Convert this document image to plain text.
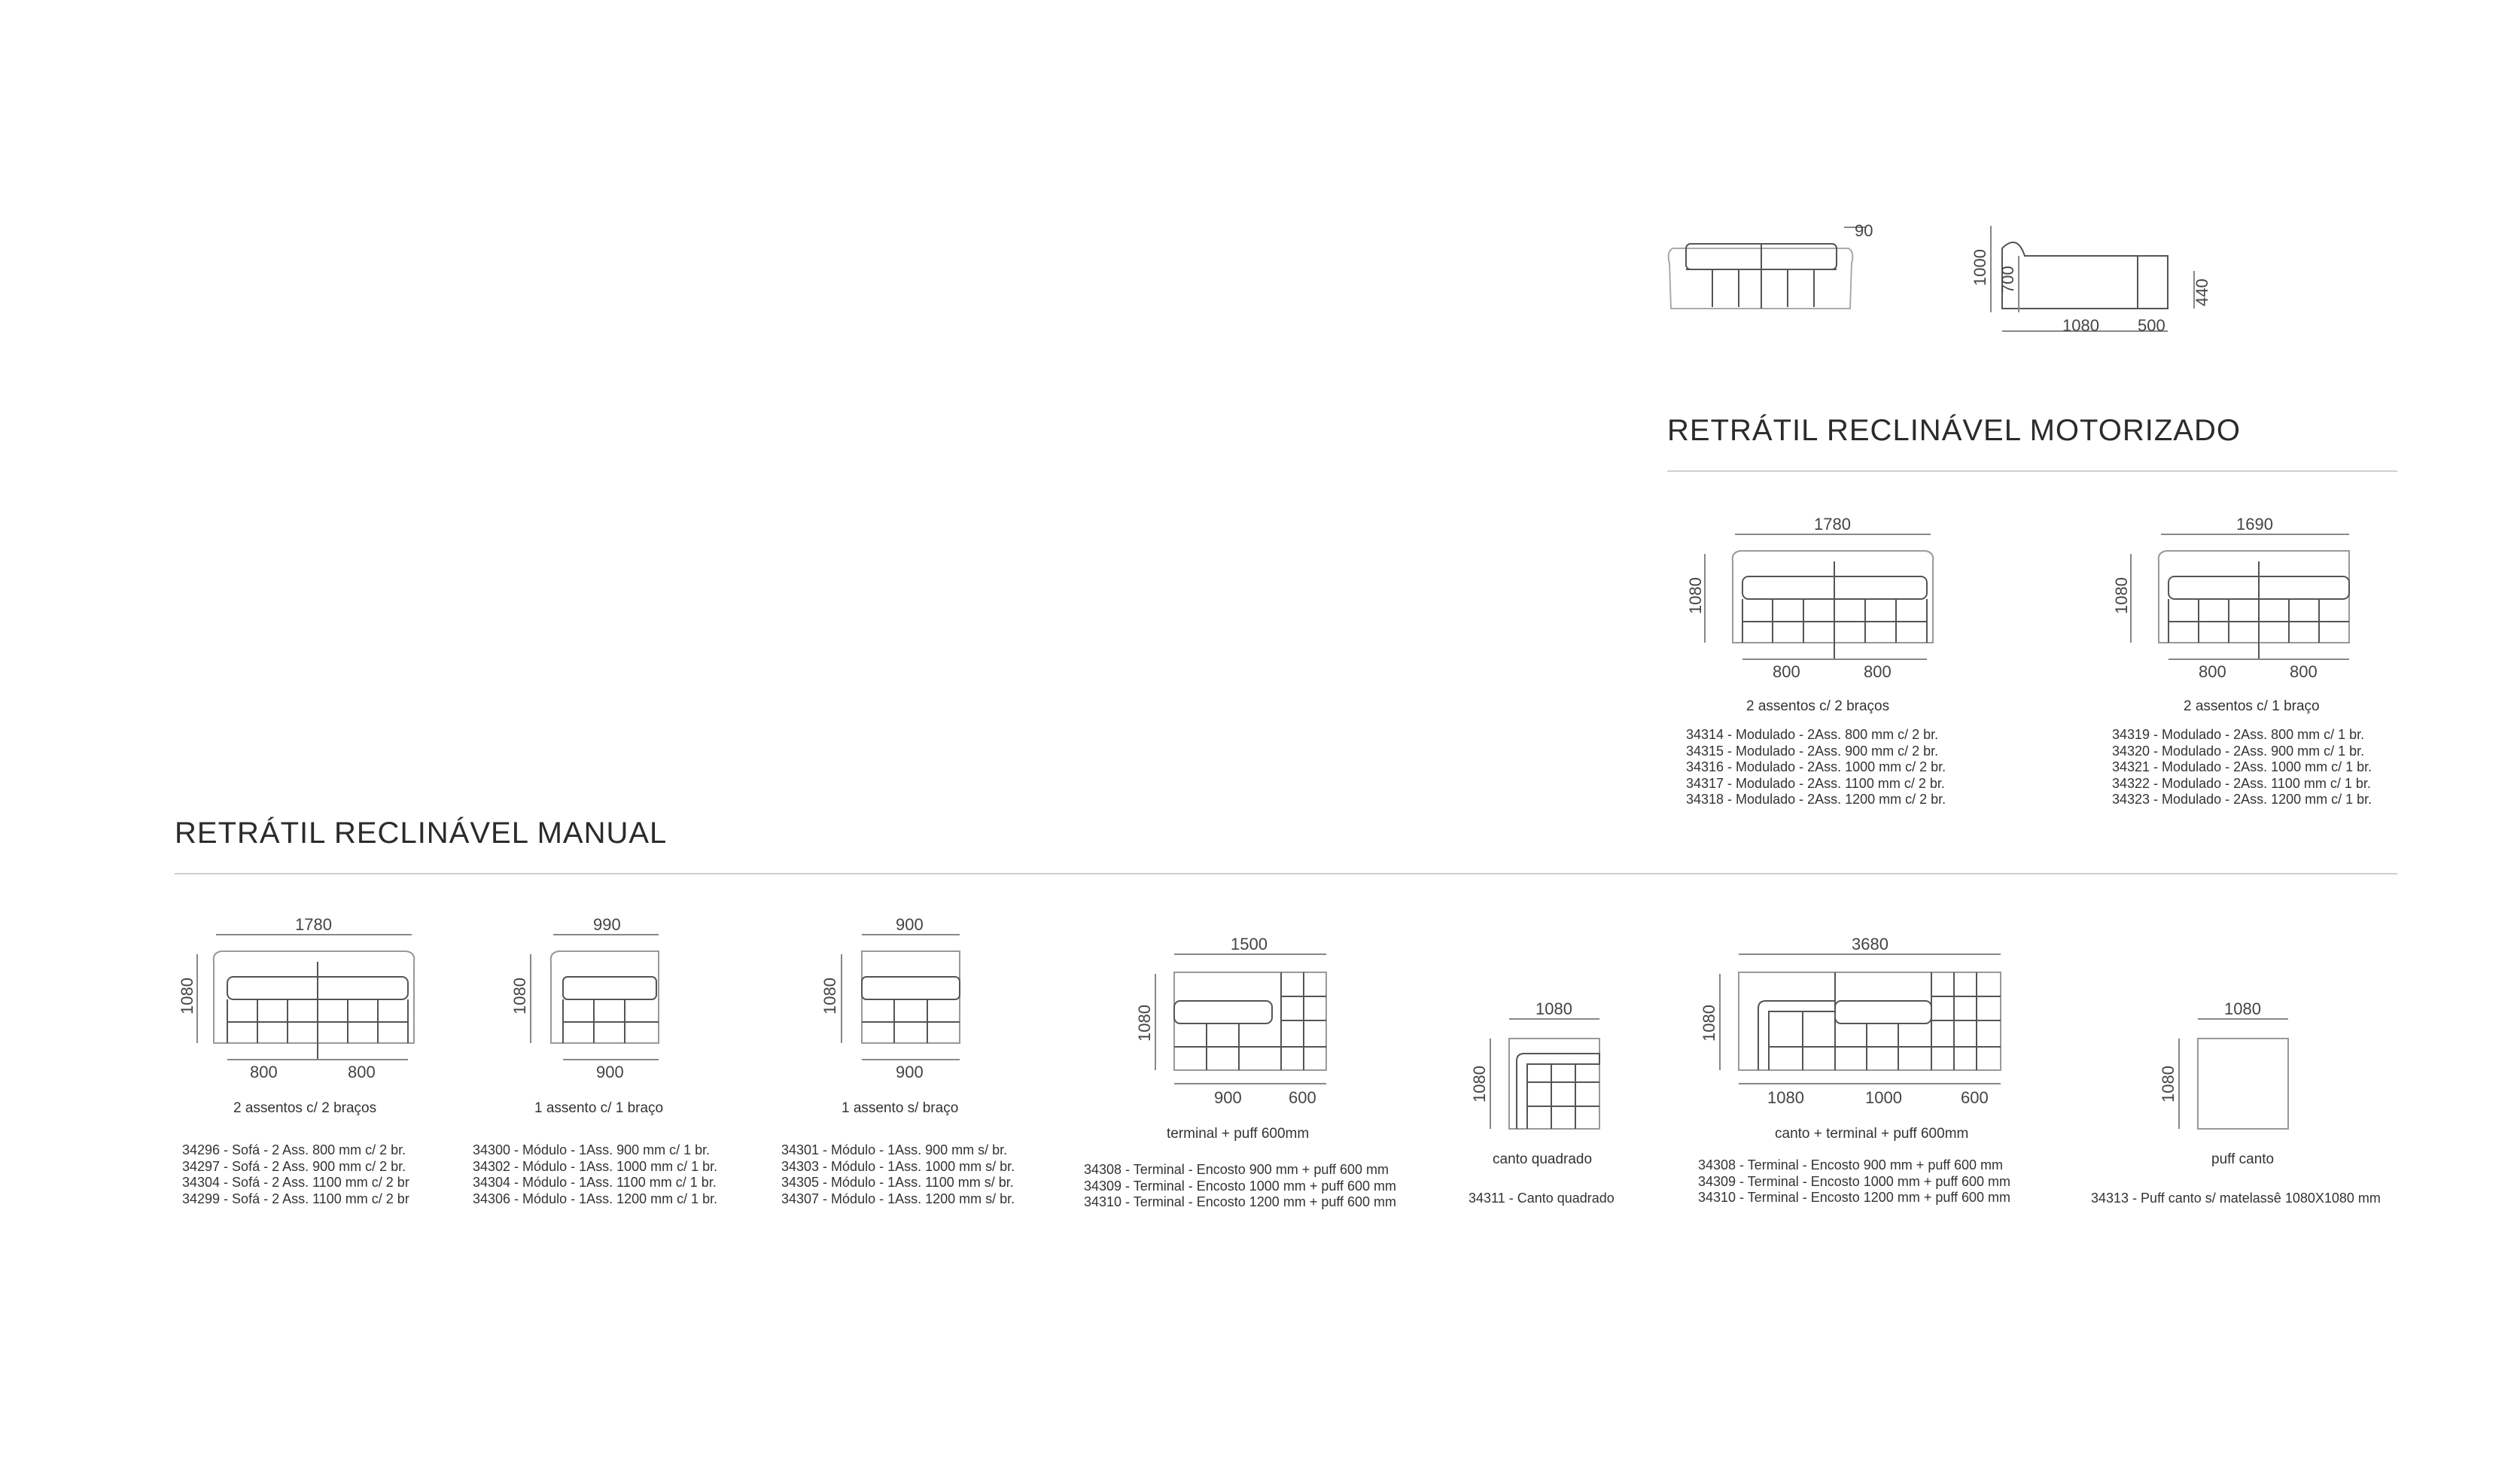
90
1000 700
1080 500
440
RETRÁTIL RECLINÁVEL MOTORIZADO
1780
1080
800	800
2 assentos c/ 2 braços
34314 - Modulado - 2Ass. 800 mm c/ 2 br.
34315 - Modulado - 2Ass. 900 mm c/ 2 br.
34316 - Modulado - 2Ass. 1000 mm c/ 2 br.
34317 - Modulado - 2Ass. 1100 mm c/ 2 br.
34318 - Modulado - 2Ass. 1200 mm c/ 2 br.
1690
1080
800	800
2 assentos c/ 1 braço
34319 - Modulado - 2Ass. 800 mm c/ 1 br.
34320 - Modulado - 2Ass. 900 mm c/ 1 br.
34321 - Modulado - 2Ass. 1000 mm c/ 1 br.
34322 - Modulado - 2Ass. 1100 mm c/ 1 br.
34323 - Modulado - 2Ass. 1200 mm c/ 1 br.
RETRÁTIL RECLINÁVEL MANUAL
1780
1080
800	800
2 assentos c/ 2 braços
34296 - Sofá - 2 Ass. 800 mm c/ 2 br.
34297 - Sofá - 2 Ass. 900 mm c/ 2 br.
34304 - Sofá - 2 Ass. 1100 mm c/ 2 br
34299 - Sofá - 2 Ass. 1100 mm c/ 2 br
990
1080
900
1 assento c/ 1 braço
34300 - Módulo - 1Ass. 900 mm c/ 1 br.
34302 - Módulo - 1Ass. 1000 mm c/ 1 br.
34304 - Módulo - 1Ass. 1100 mm c/ 1 br.
34306 - Módulo - 1Ass. 1200 mm c/ 1 br.
900
1080
900
1 assento s/ braço
34301 - Módulo - 1Ass. 900 mm s/ br.
34303 - Módulo - 1Ass. 1000 mm s/ br.
34305 - Módulo - 1Ass. 1100 mm s/ br.
34307 - Módulo - 1Ass. 1200 mm s/ br.
1500
1080
900	600
terminal + puff 600mm
34308 - Terminal - Encosto 900 mm + puff 600 mm
34309 - Terminal - Encosto 1000 mm + puff 600 mm
34310 - Terminal - Encosto 1200 mm + puff 600 mm
1080
1080
canto quadrado
34311 - Canto quadrado
3680
1080
1080	1000	600
canto + terminal + puff 600mm
34308 - Terminal - Encosto 900 mm + puff 600 mm
34309 - Terminal - Encosto 1000 mm + puff 600 mm
34310 - Terminal - Encosto 1200 mm + puff 600 mm
1080
1080
puff canto
34313 - Puff canto s/ matelassê 1080X1080 mm
